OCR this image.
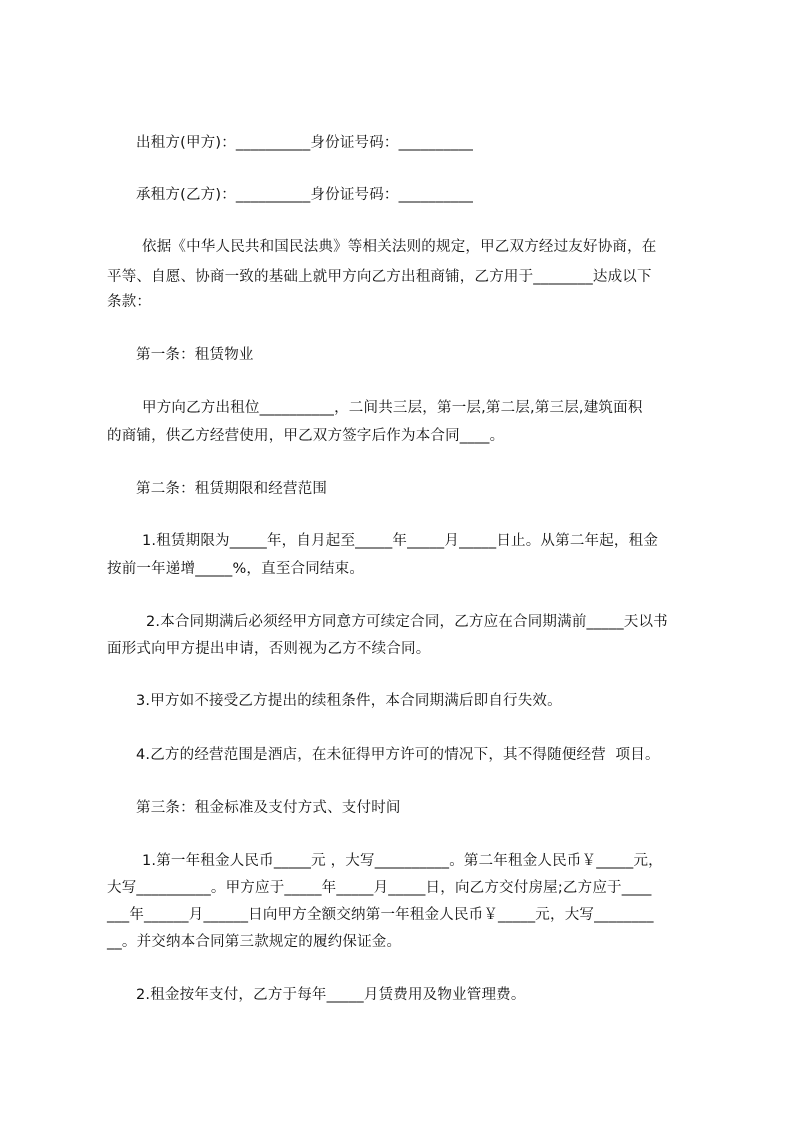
出租方(甲方)：__________身份证号码：__________
承租方(乙方)：__________身份证号码：__________
依据《中华人民共和国民法典》等相关法则的规定，甲乙双方经过友好协商，在
平等、自愿、协商一致的基础上就甲方向乙方出租商铺，乙方用于________达成以下
条款：
第一条：租赁物业
甲方向乙方出租位__________，二间共三层，第一层,第二层,第三层,建筑面积
的商铺，供乙方经营使用，甲乙双方签字后作为本合同____。
第二条：租赁期限和经营范围
1.租赁期限为_____年，自月起至_____年_____月_____日止。从第二年起，租金
按前一年递增_____%，直至合同结束。
2.本合同期满后必须经甲方同意方可续定合同，乙方应在合同期满前_____天以书
面形式向甲方提出申请，否则视为乙方不续合同。
3.甲方如不接受乙方提出的续租条件，本合同期满后即自行失效。
4.乙方的经营范围是酒店，在未征得甲方许可的情况下，其不得随便经营  项目。
第三条：租金标准及支付方式、支付时间
1.第一年租金人民币_____元 ，大写__________。第二年租金人民币￥_____元，
大写__________。甲方应于_____年_____月_____日，向乙方交付房屋;乙方应于____
___年______月______日向甲方全额交纳第一年租金人民币￥_____元，大写________
__。并交纳本合同第三款规定的履约保证金。
2.租金按年支付，乙方于每年_____月赁费用及物业管理费。
